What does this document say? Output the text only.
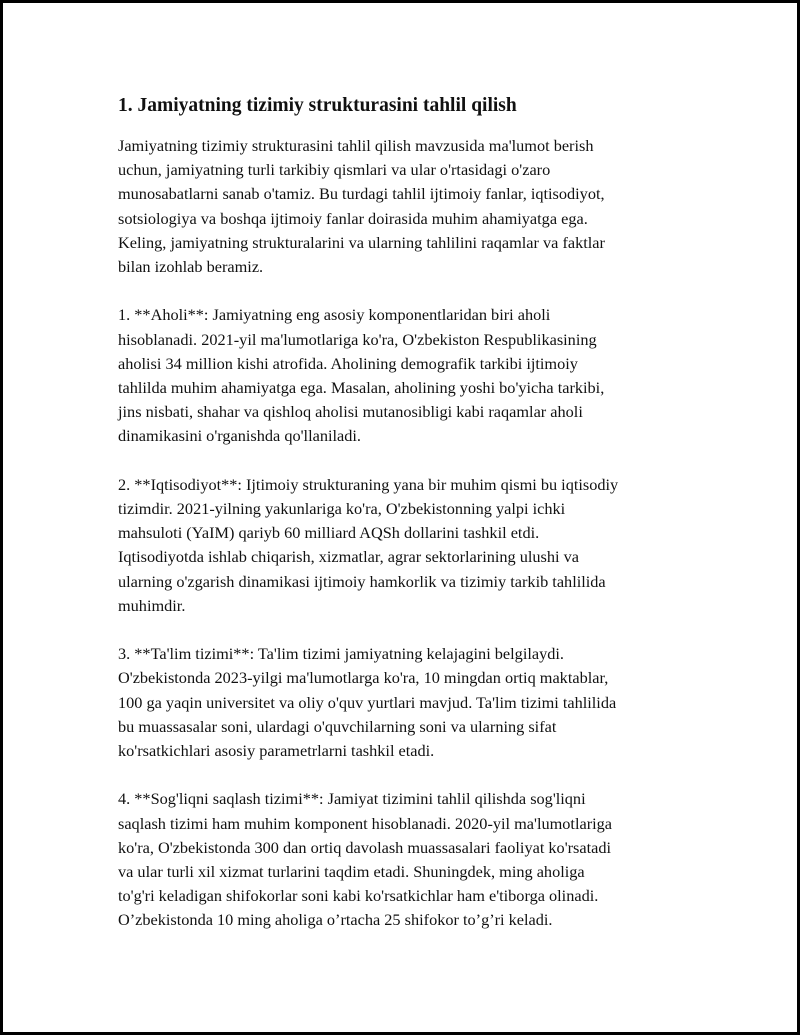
1. Jamiyatning tizimiy strukturasini tahlil qilish

Jamiyatning tizimiy strukturasini tahlil qilish mavzusida ma'lumot berish
uchun, jamiyatning turli tarkibiy qismlari va ular o'rtasidagi o'zaro
munosabatlarni sanab o'tamiz. Bu turdagi tahlil ijtimoiy fanlar, iqtisodiyot,
sotsiologiya va boshqa ijtimoiy fanlar doirasida muhim ahamiyatga ega.
Keling, jamiyatning strukturalarini va ularning tahlilini raqamlar va faktlar
bilan izohlab beramiz.

1. **Aholi**: Jamiyatning eng asosiy komponentlaridan biri aholi
hisoblanadi. 2021-yil ma'lumotlariga ko'ra, O'zbekiston Respublikasining
aholisi 34 million kishi atrofida. Aholining demografik tarkibi ijtimoiy
tahlilda muhim ahamiyatga ega. Masalan, aholining yoshi bo'yicha tarkibi,
jins nisbati, shahar va qishloq aholisi mutanosibligi kabi raqamlar aholi
dinamikasini o'rganishda qo'llaniladi.

2. **Iqtisodiyot**: Ijtimoiy strukturaning yana bir muhim qismi bu iqtisodiy
tizimdir. 2021-yilning yakunlariga ko'ra, O'zbekistonning yalpi ichki
mahsuloti (YaIM) qariyb 60 milliard AQSh dollarini tashkil etdi.
Iqtisodiyotda ishlab chiqarish, xizmatlar, agrar sektorlarining ulushi va
ularning o'zgarish dinamikasi ijtimoiy hamkorlik va tizimiy tarkib tahlilida
muhimdir.

3. **Ta'lim tizimi**: Ta'lim tizimi jamiyatning kelajagini belgilaydi.
O'zbekistonda 2023-yilgi ma'lumotlarga ko'ra, 10 mingdan ortiq maktablar,
100 ga yaqin universitet va oliy o'quv yurtlari mavjud. Ta'lim tizimi tahlilida
bu muassasalar soni, ulardagi o'quvchilarning soni va ularning sifat
ko'rsatkichlari asosiy parametrlarni tashkil etadi.

4. **Sog'liqni saqlash tizimi**: Jamiyat tizimini tahlil qilishda sog'liqni
saqlash tizimi ham muhim komponent hisoblanadi. 2020-yil ma'lumotlariga
ko'ra, O'zbekistonda 300 dan ortiq davolash muassasalari faoliyat ko'rsatadi
va ular turli xil xizmat turlarini taqdim etadi. Shuningdek, ming aholiga
to'g'ri keladigan shifokorlar soni kabi ko'rsatkichlar ham e'tiborga olinadi.
O’zbekistonda 10 ming aholiga o’rtacha 25 shifokor to’g’ri keladi.
